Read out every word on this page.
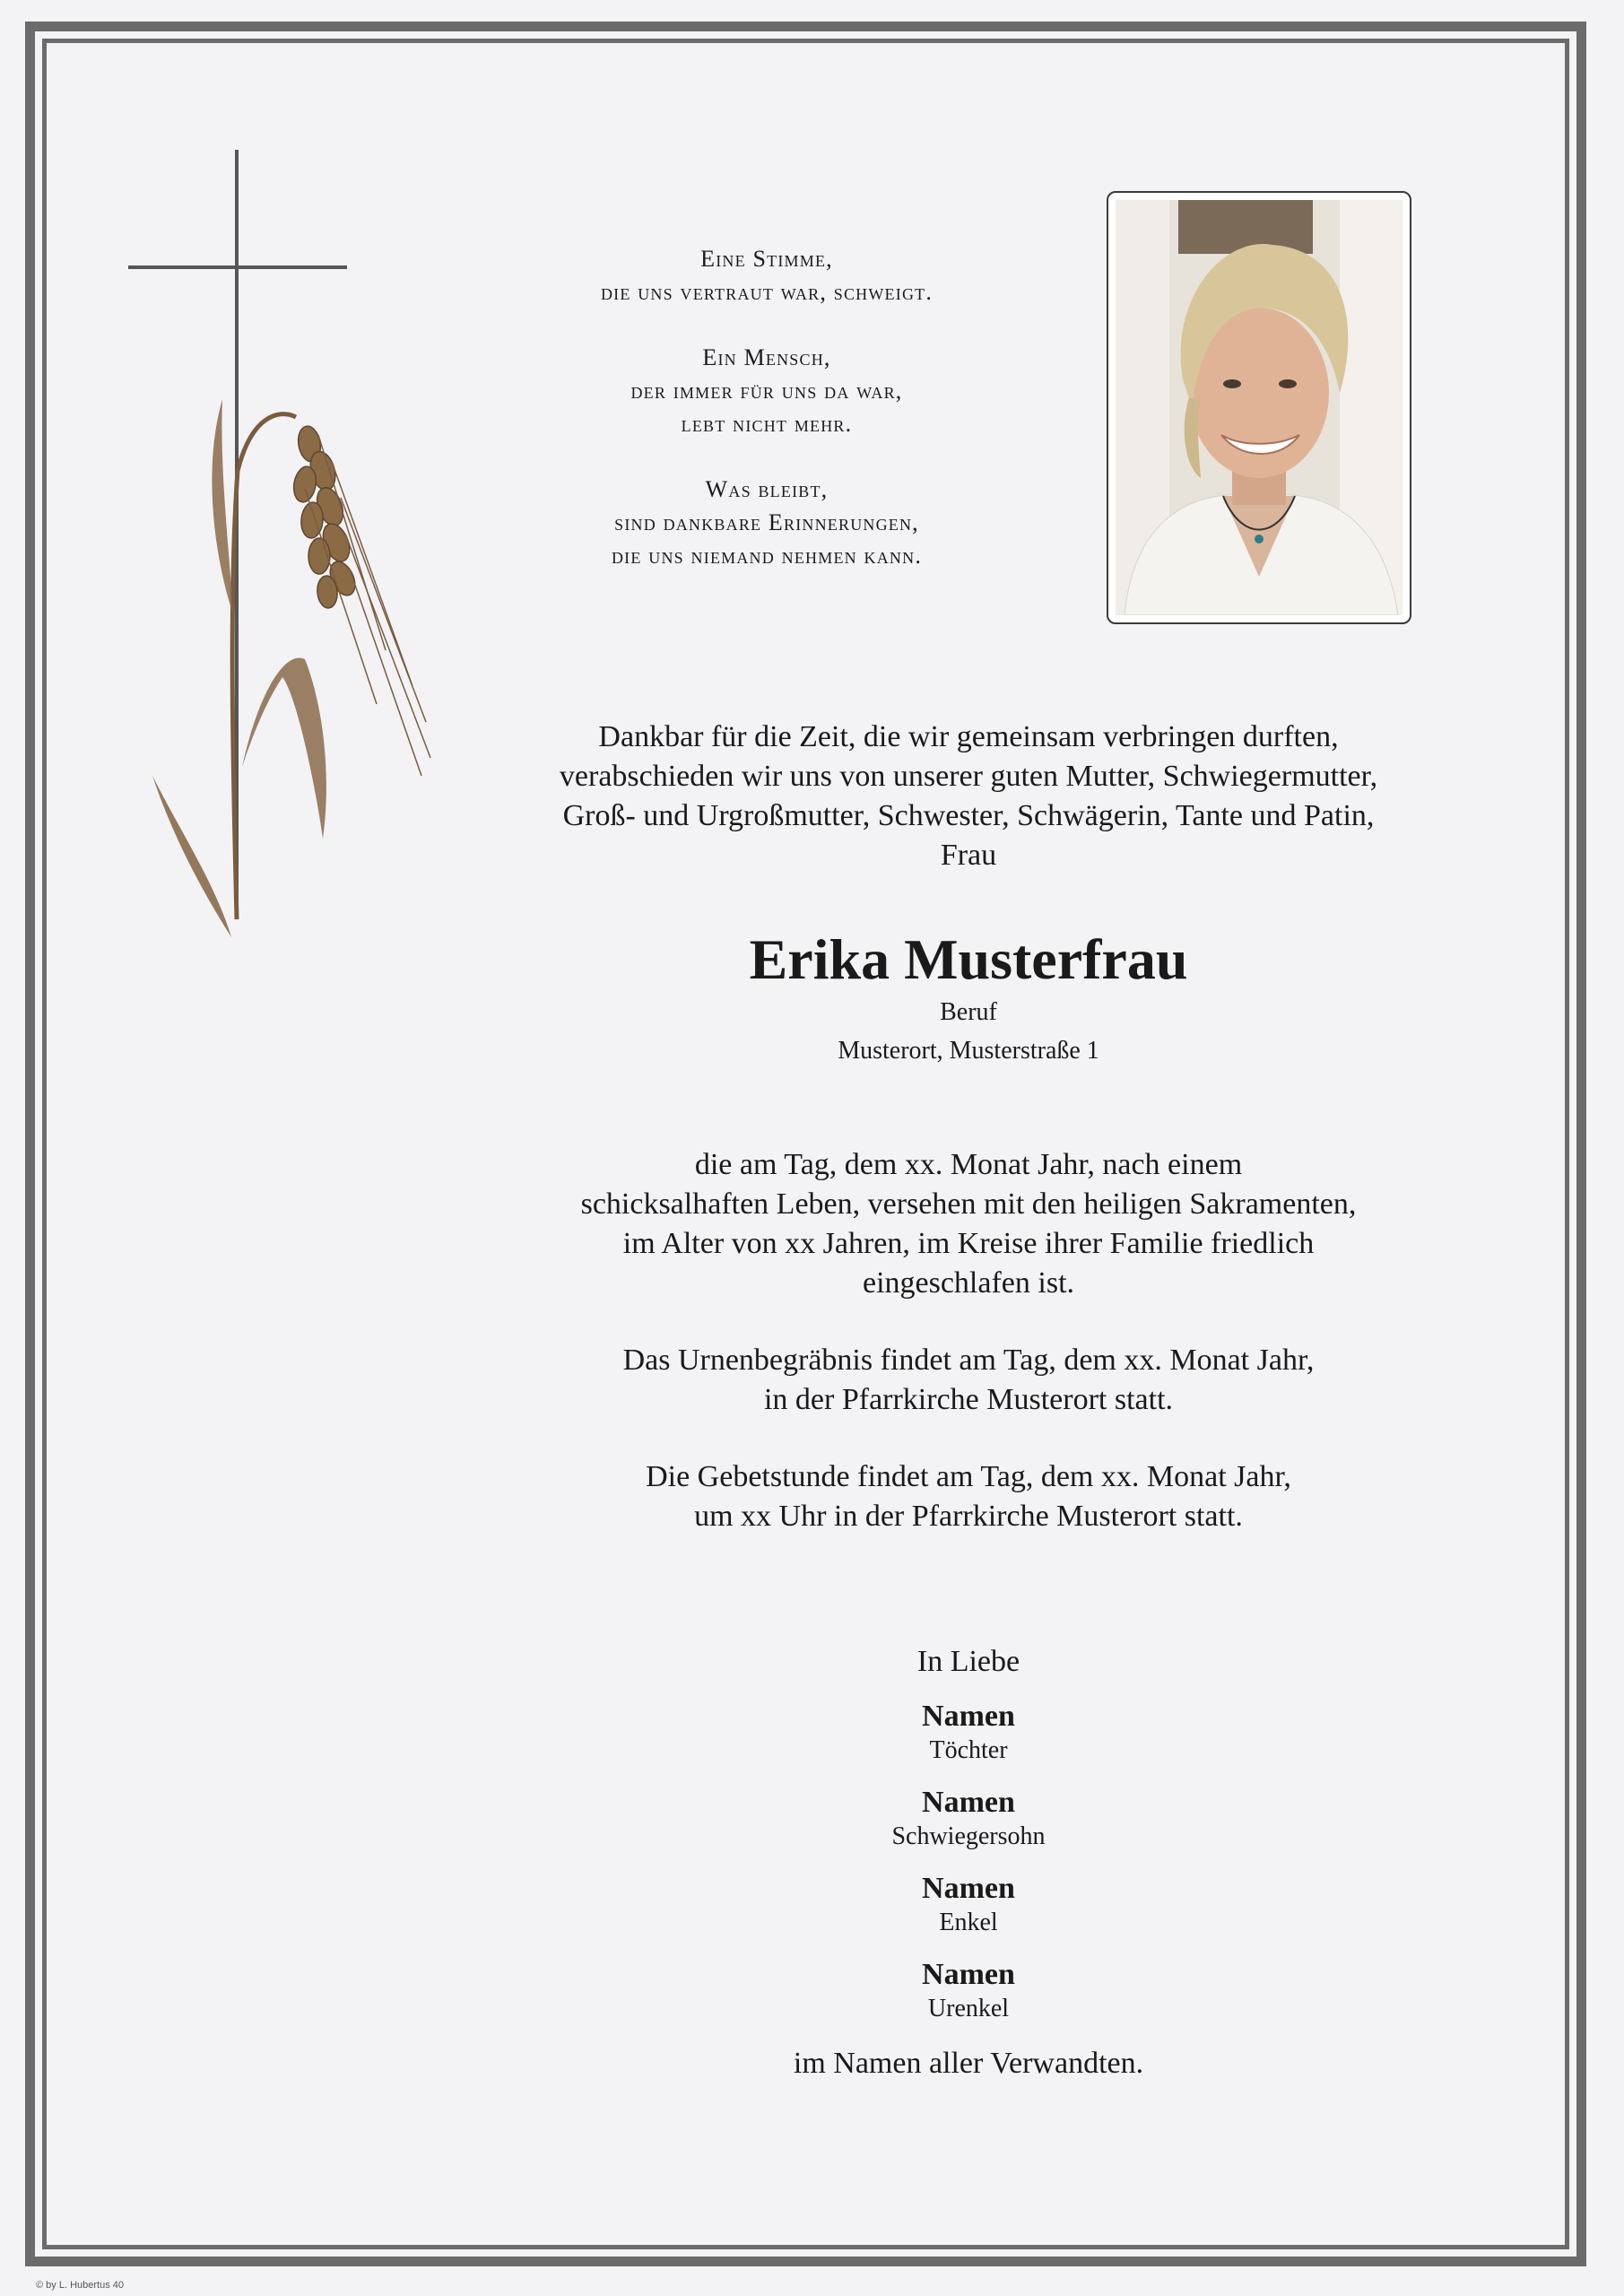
Eine Stimme,
die uns vertraut war, schweigt.
Ein Mensch,
der immer für uns da war,
lebt nicht mehr.
Was bleibt,
sind dankbare Erinnerungen,
die uns niemand nehmen kann.
Dankbar für die Zeit, die wir gemeinsam verbringen durften,
verabschieden wir uns von unserer guten Mutter, Schwiegermutter,
Groß- und Urgroßmutter, Schwester, Schwägerin, Tante und Patin,
Frau
Erika Musterfrau
Beruf
Musterort, Musterstraße 1
die am Tag, dem xx. Monat Jahr, nach einem
schicksalhaften Leben, versehen mit den heiligen Sakramenten,
im Alter von xx Jahren, im Kreise ihrer Familie friedlich
eingeschlafen ist.
Das Urnenbegräbnis findet am Tag, dem xx. Monat Jahr,
in der Pfarrkirche Musterort statt.
Die Gebetstunde findet am Tag, dem xx. Monat Jahr,
um xx Uhr in der Pfarrkirche Musterort statt.
In Liebe
Namen
Töchter
Namen
Schwiegersohn
Namen
Enkel
Namen
Urenkel
im Namen aller Verwandten.
© by L. Hubertus 40
